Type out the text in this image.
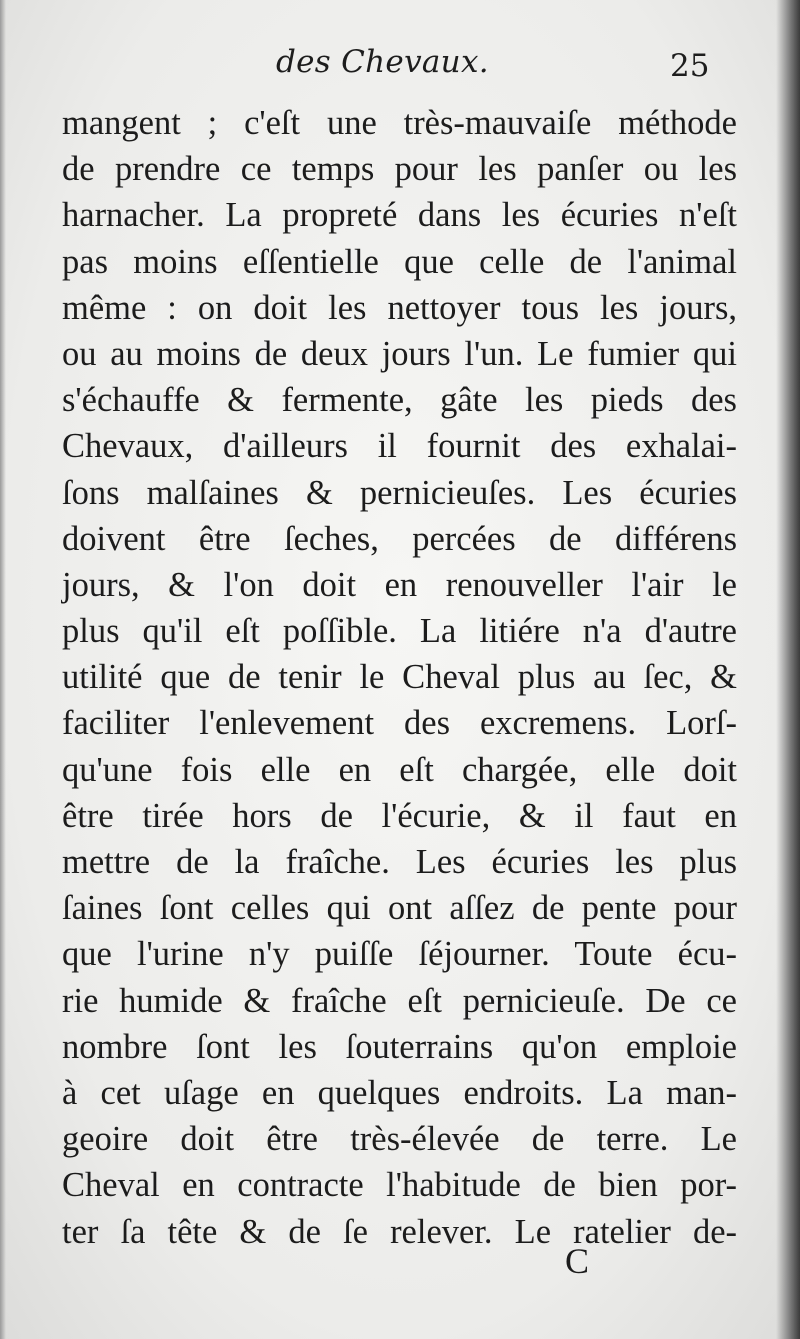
des Chevaux.	25
mangent ; c'eſt une très-mauvaiſe méthode
de prendre ce temps pour les panſer ou les
harnacher. La propreté dans les écuries n'eſt
pas moins eſſentielle que celle de l'animal
même : on doit les nettoyer tous les jours,
ou au moins de deux jours l'un. Le fumier qui
s'échauffe & fermente, gâte les pieds des
Chevaux, d'ailleurs il fournit des exhalai-
ſons malſaines & pernicieuſes. Les écuries
doivent être ſeches, percées de différens
jours, & l'on doit en renouveller l'air le
plus qu'il eſt poſſible. La litiére n'a d'autre
utilité que de tenir le Cheval plus au ſec, &
faciliter l'enlevement des excremens. Lorſ-
qu'une fois elle en eſt chargée, elle doit
être tirée hors de l'écurie, & il faut en
mettre de la fraîche. Les écuries les plus
ſaines ſont celles qui ont aſſez de pente pour
que l'urine n'y puiſſe ſéjourner. Toute écu-
rie humide & fraîche eſt pernicieuſe. De ce
nombre ſont les ſouterrains qu'on emploie
à cet uſage en quelques endroits. La man-
geoire doit être très-élevée de terre. Le
Cheval en contracte l'habitude de bien por-
ter ſa tête & de ſe relever. Le ratelier de-
C
